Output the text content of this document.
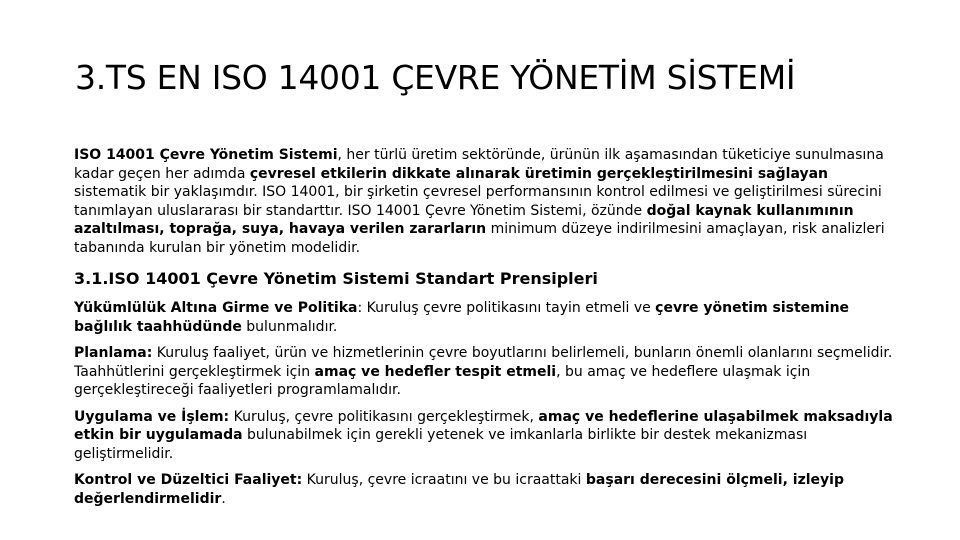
3.TS EN ISO 14001 ÇEVRE YÖNETİM SİSTEMİ

ISO 14001 Çevre Yönetim Sistemi, her türlü üretim sektöründe, ürünün ilk aşamasından tüketiciye sunulmasına kadar geçen her adımda çevresel etkilerin dikkate alınarak üretimin gerçekleştirilmesini sağlayan sistematik bir yaklaşımdır. ISO 14001, bir şirketin çevresel performansının kontrol edilmesi ve geliştirilmesi sürecini tanımlayan uluslararası bir standarttır. ISO 14001 Çevre Yönetim Sistemi, özünde doğal kaynak kullanımının azaltılması, toprağa, suya, havaya verilen zararların minimum düzeye indirilmesini amaçlayan, risk analizleri tabanında kurulan bir yönetim modelidir.

3.1.ISO 14001 Çevre Yönetim Sistemi Standart Prensipleri

Yükümlülük Altına Girme ve Politika: Kuruluş çevre politikasını tayin etmeli ve çevre yönetim sistemine bağlılık taahhüdünde bulunmalıdır.

Planlama: Kuruluş faaliyet, ürün ve hizmetlerinin çevre boyutlarını belirlemeli, bunların önemli olanlarını seçmelidir. Taahhütlerini gerçekleştirmek için amaç ve hedefler tespit etmeli, bu amaç ve hedeflere ulaşmak için gerçekleştireceği faaliyetleri programlamalıdır.

Uygulama ve İşlem: Kuruluş, çevre politikasını gerçekleştirmek, amaç ve hedeflerine ulaşabilmek maksadıyla etkin bir uygulamada bulunabilmek için gerekli yetenek ve imkanlarla birlikte bir destek mekanizması geliştirmelidir.

Kontrol ve Düzeltici Faaliyet: Kuruluş, çevre icraatını ve bu icraattaki başarı derecesini ölçmeli, izleyip değerlendirmelidir.
